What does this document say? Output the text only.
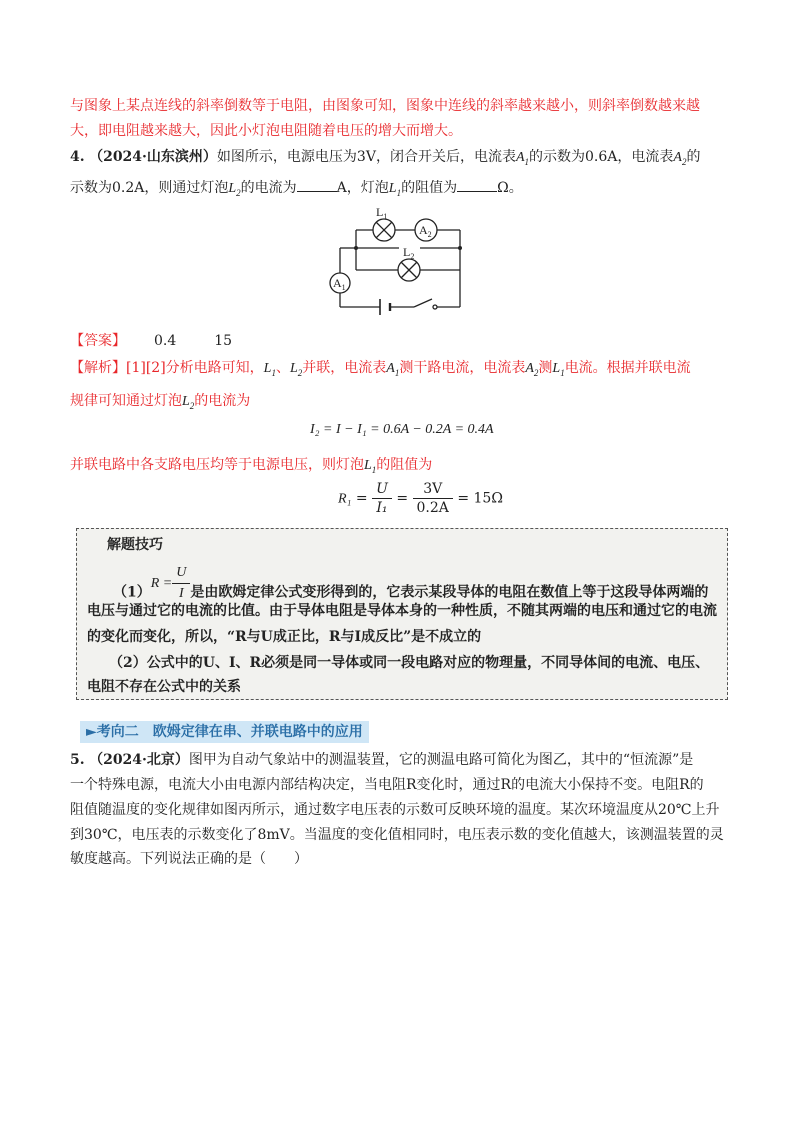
与图象上某点连线的斜率倒数等于电阻，由图象可知，图象中连线的斜率越来越小，则斜率倒数越来越
大，即电阻越来越大，因此小灯泡电阻随着电压的增大而增大。
4. （2024·山东滨州）如图所示，电源电压为3V，闭合开关后，电流表$A_1$的示数为0.6A，电流表$A_2$的
示数为0.2A，则通过灯泡$L_2$的电流为	A，灯泡$L_1$的阻值为	Ω。
$L_1$
$L_2$
$A_2$
$A_1$
【答案】 0.4	15
【解析】[1][2]分析电路可知，$L_1$、$L_2$并联，电流表$A_1$测干路电流，电流表$A_2$测$L_1$电流。根据并联电流
规律可知通过灯泡$L_2$的电流为
I₂ = I − I₁ = 0.6A − 0.2A = 0.4A
并联电路中各支路电压均等于电源电压，则灯泡$L_1$的阻值为
$R_1 = \frac{U}{\text{I₁}} = \frac{3V}{0.2A} = 15\Omega$
解题技巧
$(1)R = \frac{U}{I}$ 是由欧姆定律公式变形得到的，它表示某段导体的电阻在数值上等于这段导体两端的
电压与通过它的电流的比值。由于导体电阻是导体本身的一种性质，不随其两端的电压和通过它的电流
的变化而变化，所以，“R与U成正比，R与I成反比”是不成立的
（2）公式中的U、I、R必须是同一导体或同一段电路对应的物理量，不同导体间的电流、电压、
电阻不存在公式中的关系
►考向二　欧姆定律在串、并联电路中的应用
5. （2024·北京）图甲为自动气象站中的测温装置，它的测温电路可简化为图乙，其中的“恒流源”是
一个特殊电源，电流大小由电源内部结构决定，当电阻R变化时，通过R的电流大小保持不变。电阻R的
阻值随温度的变化规律如图丙所示，通过数字电压表的示数可反映环境的温度。某次环境温度从20℃上升
到30℃，电压表的示数变化了8mV。当温度的变化值相同时，电压表示数的变化值越大，该测温装置的灵
敏度越高。下列说法正确的是（　　）
